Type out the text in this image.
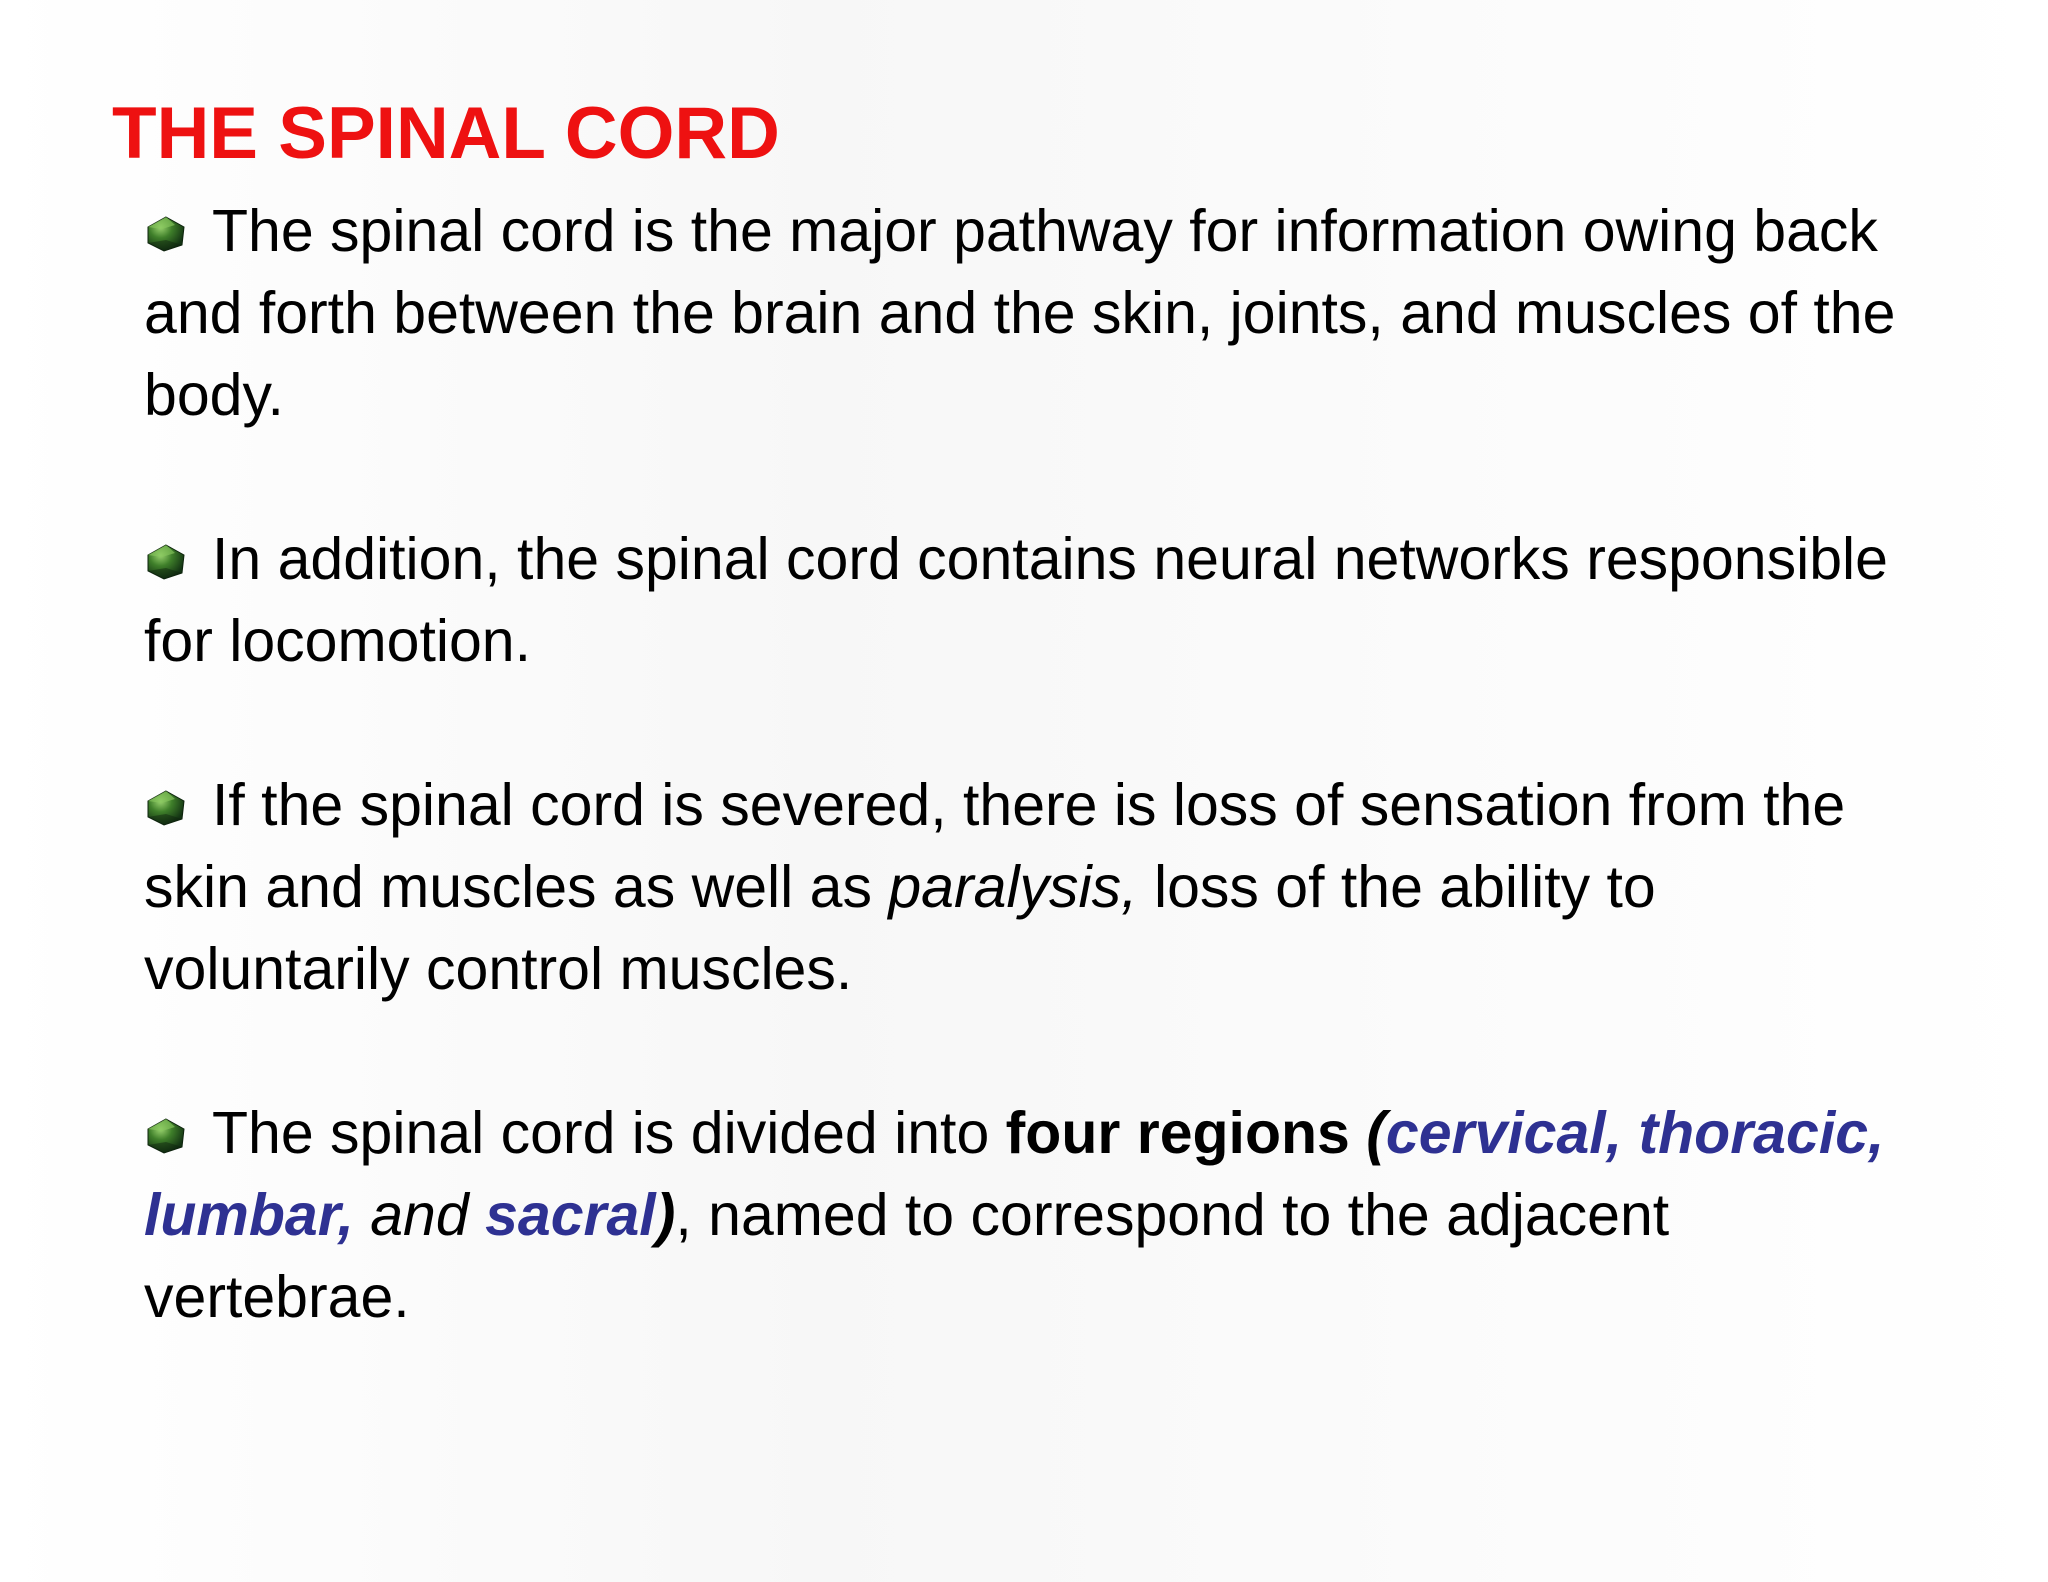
THE SPINAL CORD
The spinal cord is the major pathway for information owing back and forth between the brain and the skin, joints, and muscles of the body.
In addition, the spinal cord contains neural networks responsible for locomotion.
If the spinal cord is severed, there is loss of sensation from the skin and muscles as well as paralysis, loss of the ability to voluntarily control muscles.
The spinal cord is divided into four regions (cervical, thoracic, lumbar, and sacral), named to correspond to the adjacent vertebrae.
